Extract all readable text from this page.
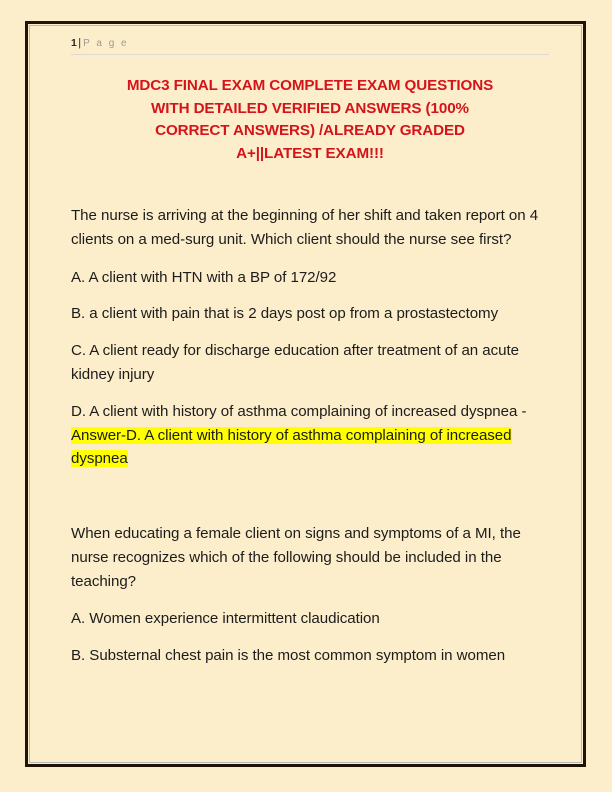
1| P a g e
MDC3 FINAL EXAM COMPLETE EXAM QUESTIONS
WITH DETAILED VERIFIED ANSWERS (100%
CORRECT ANSWERS) /ALREADY GRADED
A+||LATEST EXAM!!!

The nurse is arriving at the beginning of her shift and taken report on 4 clients on a med-surg unit. Which client should the nurse see first?

A. A client with HTN with a BP of 172/92

B. a client with pain that is 2 days post op from a prostastectomy

C. A client ready for discharge education after treatment of an acute kidney injury

D. A client with history of asthma complaining of increased dyspnea - Answer-D. A client with history of asthma complaining of increased dyspnea

When educating a female client on signs and symptoms of a MI, the nurse recognizes which of the following should be included in the teaching?

A. Women experience intermittent claudication

B. Substernal chest pain is the most common symptom in women
